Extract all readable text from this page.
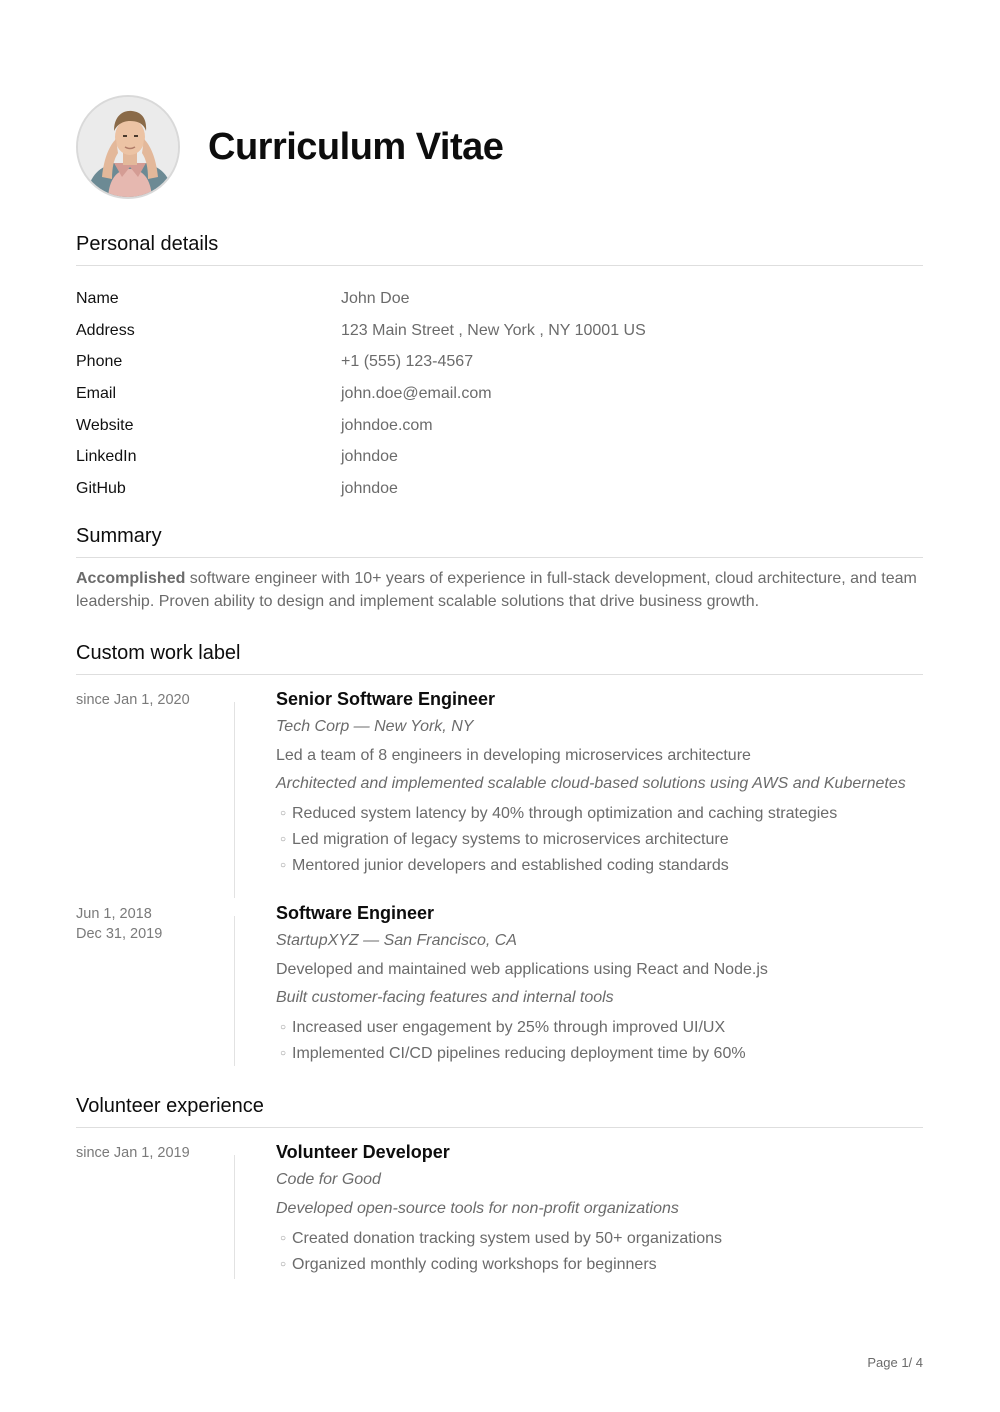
Curriculum Vitae
Personal details
Name	John Doe
Address	123 Main Street , New York , NY 10001 US
Phone	+1 (555) 123-4567
Email	john.doe@email.com
Website	johndoe.com
LinkedIn	johndoe
GitHub	johndoe
Summary
Accomplished software engineer with 10+ years of experience in full-stack development, cloud architecture, and team leadership. Proven ability to design and implement scalable solutions that drive business growth.
Custom work label
since Jan 1, 2020	Senior Software Engineer
Tech Corp — New York, NY
Led a team of 8 engineers in developing microservices architecture
Architected and implemented scalable cloud-based solutions using AWS and Kubernetes
○ Reduced system latency by 40% through optimization and caching strategies
○ Led migration of legacy systems to microservices architecture
○ Mentored junior developers and established coding standards
Jun 1, 2018
Dec 31, 2019
Software Engineer
StartupXYZ — San Francisco, CA
Developed and maintained web applications using React and Node.js
Built customer-facing features and internal tools
○ Increased user engagement by 25% through improved UI/UX
○ Implemented CI/CD pipelines reducing deployment time by 60%
Volunteer experience
since Jan 1, 2019	Volunteer Developer
Code for Good
Developed open-source tools for non-profit organizations
○ Created donation tracking system used by 50+ organizations
○ Organized monthly coding workshops for beginners
Page 1/ 4
